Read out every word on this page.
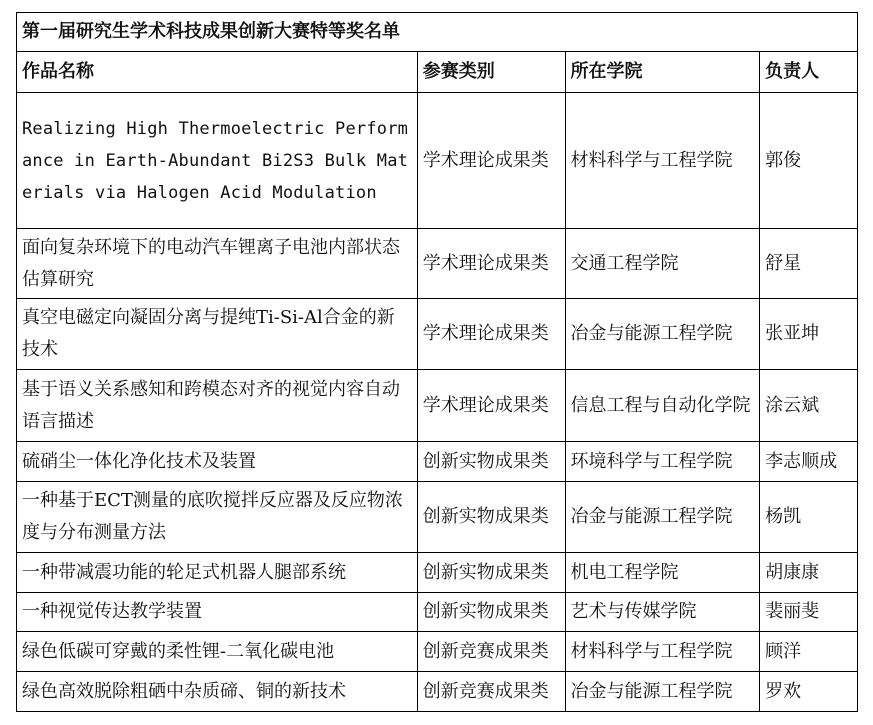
第一届研究生学术科技成果创新大赛特等奖名单			
作品名称	参赛类别	所在学院	负责人
Realizing High Thermoelectric Performance in Earth-Abundant Bi2S3 Bulk Materials via Halogen Acid Modulation	学术理论成果类	材料科学与工程学院	郭俊
面向复杂环境下的电动汽车锂离子电池内部状态估算研究	学术理论成果类	交通工程学院	舒星
真空电磁定向凝固分离与提纯Ti-Si-Al合金的新技术	学术理论成果类	冶金与能源工程学院	张亚坤
基于语义关系感知和跨模态对齐的视觉内容自动语言描述	学术理论成果类	信息工程与自动化学院	涂云斌
硫硝尘一体化净化技术及装置	创新实物成果类	环境科学与工程学院	李志顺成
一种基于ECT测量的底吹搅拌反应器及反应物浓度与分布测量方法	创新实物成果类	冶金与能源工程学院	杨凯
一种带减震功能的轮足式机器人腿部系统	创新实物成果类	机电工程学院	胡康康
一种视觉传达教学装置	创新实物成果类	艺术与传媒学院	裴丽斐
绿色低碳可穿戴的柔性锂-二氧化碳电池	创新竞赛成果类	材料科学与工程学院	顾洋
绿色高效脱除粗硒中杂质碲、铜的新技术	创新竞赛成果类	冶金与能源工程学院	罗欢
